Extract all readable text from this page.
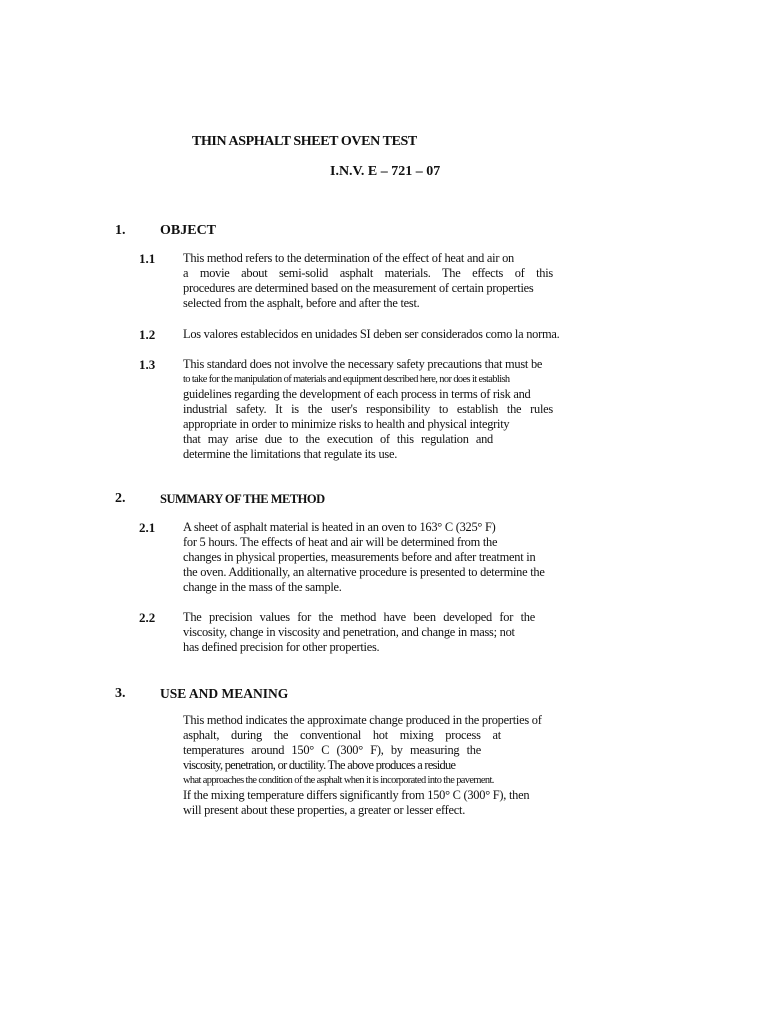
THIN ASPHALT SHEET OVEN TEST
I.N.V. E – 721 – 07
1. OBJECT
1.1 This method refers to the determination of the effect of heat and air on
a movie about semi-solid asphalt materials. The effects of this
procedures are determined based on the measurement of certain properties
selected from the asphalt, before and after the test.
1.2 Los valores establecidos en unidades SI deben ser considerados como la norma.
1.3 This standard does not involve the necessary safety precautions that must be
to take for the manipulation of materials and equipment described here, nor does it establish
guidelines regarding the development of each process in terms of risk and
industrial safety. It is the user's responsibility to establish the rules
appropriate in order to minimize risks to health and physical integrity
that may arise due to the execution of this regulation and
determine the limitations that regulate its use.
2.	SUMMARY OF THE METHOD
2.1 A sheet of asphalt material is heated in an oven to 163° C (325° F)
for 5 hours. The effects of heat and air will be determined from the
changes in physical properties, measurements before and after treatment in
the oven. Additionally, an alternative procedure is presented to determine the
change in the mass of the sample.
2.2 The precision values for the method have been developed for the
viscosity, change in viscosity and penetration, and change in mass; not
has defined precision for other properties.
3.	USE AND MEANING
This method indicates the approximate change produced in the properties of
asphalt, during the conventional hot mixing process at
temperatures around 150° C (300° F), by measuring the
viscosity, penetration, or ductility. The above produces a residue
what approaches the condition of the asphalt when it is incorporated into the pavement.
If the mixing temperature differs significantly from 150° C (300° F), then
will present about these properties, a greater or lesser effect.
